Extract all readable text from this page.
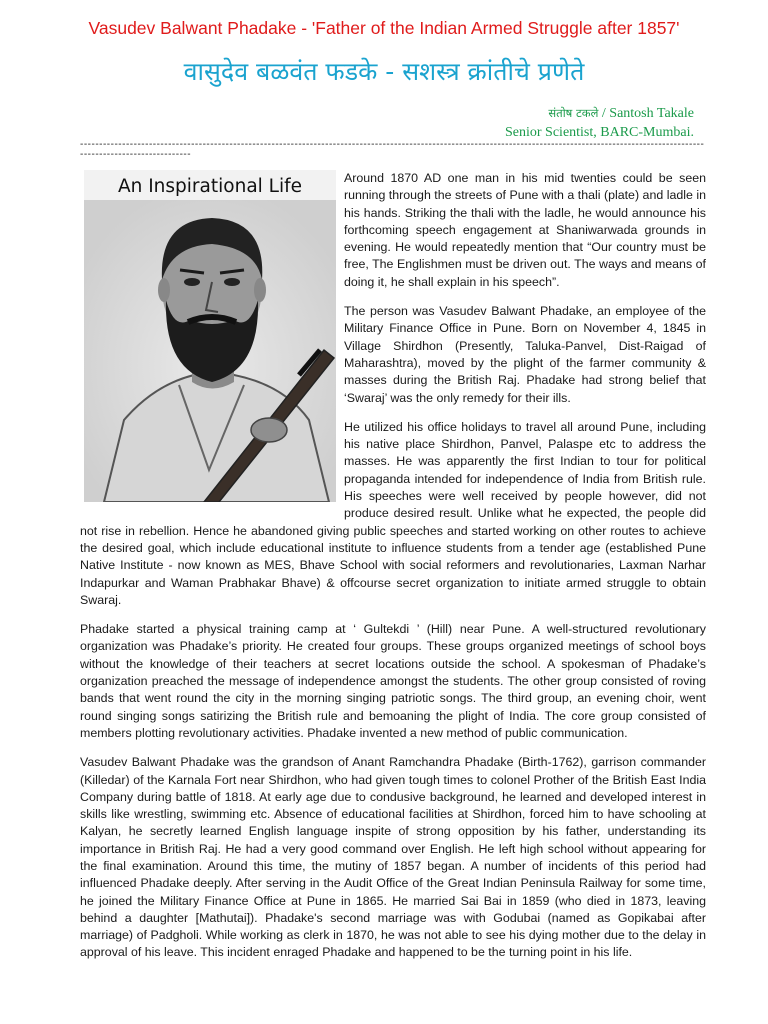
Vasudev Balwant Phadake - 'Father of the Indian Armed Struggle after 1857'
वासुदेव बळवंत फडके - सशस्त्र क्रांतीचे प्रणेते
संतोष टकले / Santosh Takale
Senior Scientist, BARC-Mumbai.
------------------------------------------------------------------------------------------------------------------------------------------------------------------------------------------------
An Inspirational Life	Around 1870 AD one man in his mid twenties could be seen running through the streets of Pune with a thali (plate) and ladle in his hands. Striking the thali with the ladle, he would announce his forthcoming speech engagement at Shaniwarwada grounds in evening. He would repeatedly mention that “Our country must be free, The Englishmen must be driven out. The ways and means of doing it, he shall explain in his speech”.

The person was Vasudev Balwant Phadake, an employee of the Military Finance Office in Pune. Born on November 4, 1845 in Village Shirdhon (Presently, Taluka-Panvel, Dist-Raigad of Maharashtra), moved by the plight of the farmer community & masses during the British Raj. Phadake had strong belief that ‘Swaraj’ was the only remedy for their ills.

He utilized his office holidays to travel all around Pune, including his native place Shirdhon, Panvel, Palaspe etc to address the masses. He was apparently the first Indian to tour for political propaganda intended for independence of India from British rule. His speeches were well received by people however, did not produce desired result. Unlike what he expected, the people did not rise in rebellion. Hence he abandoned giving public speeches and started working on other routes to achieve the desired goal, which include educational institute to influence students from a tender age (established Pune Native Institute - now known as MES, Bhave School with social reformers and revolutionaries, Laxman Narhar Indapurkar and Waman Prabhakar Bhave) & offcourse secret organization to initiate armed struggle to obtain Swaraj.

Phadake started a physical training camp at ‘ Gultekdi ’ (Hill) near Pune. A well-structured revolutionary organization was Phadake’s priority. He created four groups. These groups organized meetings of school boys without the knowledge of their teachers at secret locations outside the school. A spokesman of Phadake’s organization preached the message of independence amongst the students. The other group consisted of roving bands that went round the city in the morning singing patriotic songs. The third group, an evening choir, went round singing songs satirizing the British rule and bemoaning the plight of India. The core group consisted of members plotting revolutionary activities. Phadake invented a new method of public communication.

Vasudev Balwant Phadake was the grandson of Anant Ramchandra Phadake (Birth-1762), garrison commander (Killedar) of the Karnala Fort near Shirdhon, who had given tough times to colonel Prother of the British East India Company during battle of 1818. At early age due to condusive background, he learned and developed interest in skills like wrestling, swimming etc. Absence of educational facilities at Shirdhon, forced him to have schooling at Kalyan, he secretly learned English language inspite of strong opposition by his father, understanding its importance in British Raj. He had a very good command over English. He left high school without appearing for the final examination. Around this time, the mutiny of 1857 began. A number of incidents of this period had influenced Phadake deeply. After serving in the Audit Office of the Great Indian Peninsula Railway for some time, he joined the Military Finance Office at Pune in 1865. He married Sai Bai in 1859 (who died in 1873, leaving behind a daughter [Mathutai]). Phadake's second marriage was with Godubai (named as Gopikabai after marriage) of Padgholi. While working as clerk in 1870, he was not able to see his dying mother due to the delay in approval of his leave. This incident enraged Phadake and happened to be the turning point in his life.
